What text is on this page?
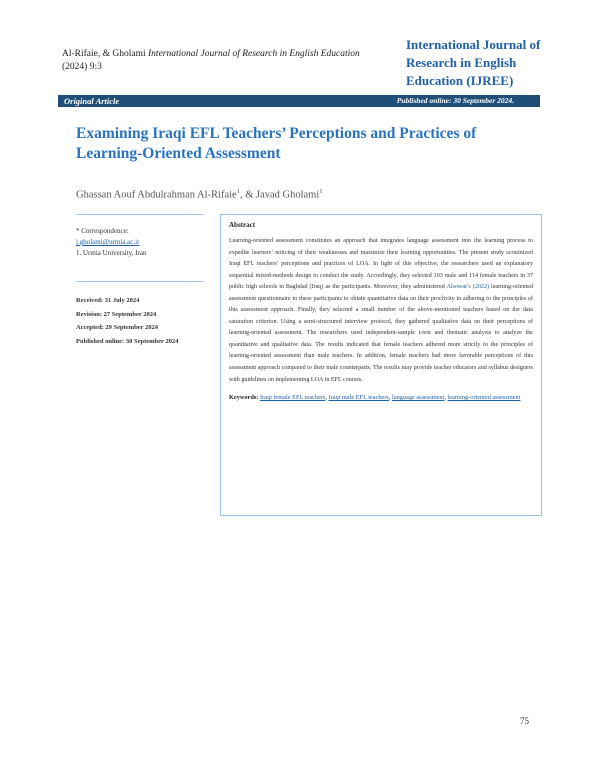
Al-Rifaie, & Gholami International Journal of Research in English Education
(2024) 9:3
International Journal of Research in English Education (IJREE)
Original Article	Published online: 30 September 2024.
Examining Iraqi EFL Teachers’ Perceptions and Practices of Learning-Oriented Assessment
Ghassan Aouf Abdulrahman Al-Rifaie$^1$, & Javad Gholami$^1$
* Correspondence:
j.gholami@urmia.ac.ir
1. Urmia University, Iran
Received: 31 July 2024
Revision: 27 September 2024
Accepted: 29 September 2024
Published online: 30 September 2024
Abstract

Learning-oriented assessment constitutes an approach that integrates language assessment into the learning process to expedite learners’ noticing of their weaknesses and maximize their learning opportunities. The present study scrutinized Iraqi EFL teachers’ perceptions and practices of LOA. In light of this objective, the researchers used an explanatory sequential mixed-methods design to conduct the study. Accordingly, they selected 103 male and 114 female teachers in 37 public high schools in Baghdad (Iraq) as the participants. Moreover, they administered Alsowat’s (2022) learning-oriented assessment questionnaire to these participants to obtain quantitative data on their proclivity in adhering to the principles of this assessment approach. Finally, they selected a small number of the above-mentioned teachers based on the data saturation criterion. Using a semi-structured interview protocol, they gathered qualitative data on their perceptions of learning-oriented assessment. The researchers used independent-sample t-test and thematic analysis to analyze the quantitative and qualitative data. The results indicated that female teachers adhered more strictly to the principles of learning-oriented assessment than male teachers. In addition, female teachers had more favorable perceptions of this assessment approach compared to their male counterparts. The results may provide teacher educators and syllabus designers with guidelines on implementing LOA in EFL courses.

Keywords: Iraqi female EFL teachers, Iraqi male EFL teachers, language assessment, learning-oriented assessment
75
